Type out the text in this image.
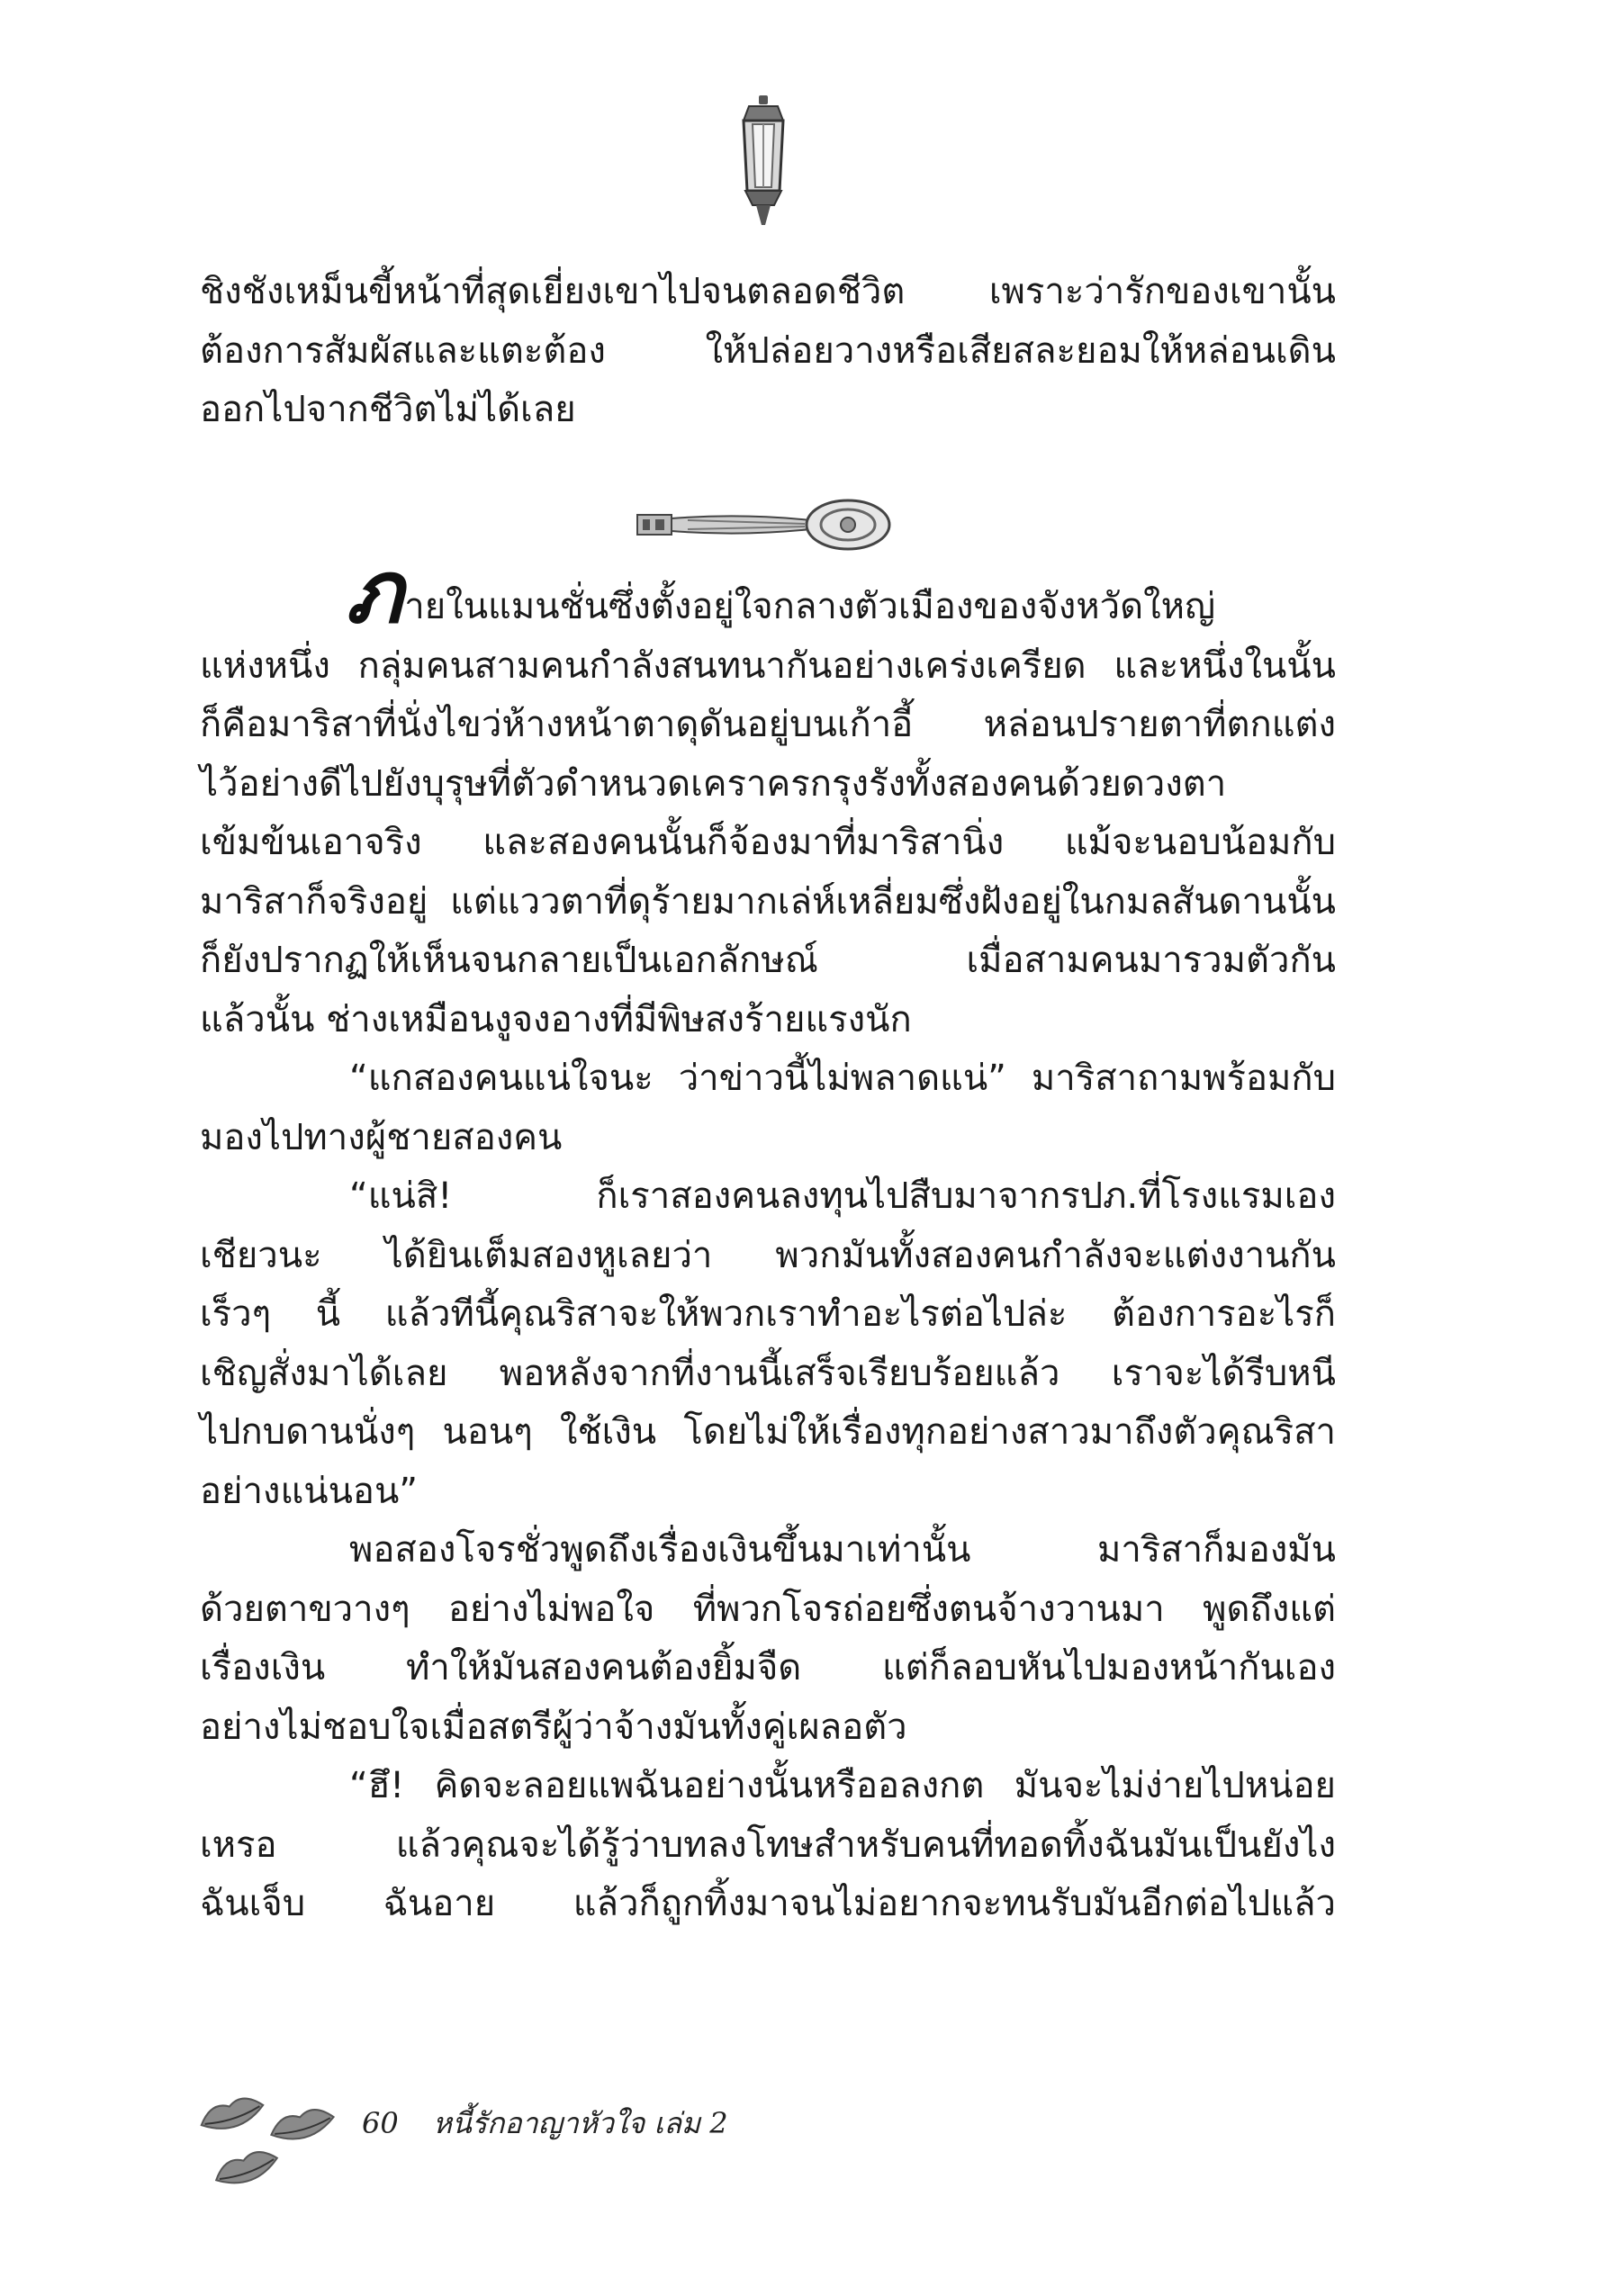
ชิงชังเหม็นขี้หน้าที่สุดเยี่ยงเขาไปจนตลอดชีวิต เพราะว่ารักของเขานั้น
ต้องการสัมผัสและแตะต้อง ให้ปล่อยวางหรือเสียสละยอมให้หล่อนเดิน

ออกไปจากชีวิตไม่ได้เลย

ภายในแมนชั่นซึ่งตั้งอยู่ใจกลางตัวเมืองของจังหวัดใหญ่
แห่งหนึ่ง กลุ่มคนสามคนกำลังสนทนากันอย่างเคร่งเครียด และหนึ่งในนั้น
ก็คือมาริสาที่นั่งไขว่ห้างหน้าตาดุดันอยู่บนเก้าอี้ หล่อนปรายตาที่ตกแต่ง
ไว้อย่างดีไปยังบุรุษที่ตัวดำหนวดเคราครกรุงรังทั้งสองคนด้วยดวงตา
เข้มข้นเอาจริง และสองคนนั้นก็จ้องมาที่มาริสานิ่ง แม้จะนอบน้อมกับ
มาริสาก็จริงอยู่ แต่แววตาที่ดุร้ายมากเล่ห์เหลี่ยมซึ่งฝังอยู่ในกมลสันดานนั้น
ก็ยังปรากฏให้เห็นจนกลายเป็นเอกลักษณ์ เมื่อสามคนมารวมตัวกัน

แล้วนั้น ช่างเหมือนงูจงอางที่มีพิษสงร้ายแรงนัก

“แกสองคนแน่ใจนะ ว่าข่าวนี้ไม่พลาดแน่” มาริสาถามพร้อมกับ

มองไปทางผู้ชายสองคน

“แน่สิ! ก็เราสองคนลงทุนไปสืบมาจากรปภ.ที่โรงแรมเอง
เชียวนะ ได้ยินเต็มสองหูเลยว่า พวกมันทั้งสองคนกำลังจะแต่งงานกัน
เร็วๆ นี้ แล้วทีนี้คุณริสาจะให้พวกเราทำอะไรต่อไปล่ะ ต้องการอะไรก็
เชิญสั่งมาได้เลย พอหลังจากที่งานนี้เสร็จเรียบร้อยแล้ว เราจะได้รีบหนี
ไปกบดานนั่งๆ นอนๆ ใช้เงิน โดยไม่ให้เรื่องทุกอย่างสาวมาถึงตัวคุณริสา

อย่างแน่นอน”

พอสองโจรชั่วพูดถึงเรื่องเงินขึ้นมาเท่านั้น มาริสาก็มองมัน
ด้วยตาขวางๆ อย่างไม่พอใจ ที่พวกโจรถ่อยซึ่งตนจ้างวานมา พูดถึงแต่
เรื่องเงิน ทำให้มันสองคนต้องยิ้มจืด แต่ก็ลอบหันไปมองหน้ากันเอง

อย่างไม่ชอบใจเมื่อสตรีผู้ว่าจ้างมันทั้งคู่เผลอตัว

“ฮึ! คิดจะลอยแพฉันอย่างนั้นหรืออลงกต มันจะไม่ง่ายไปหน่อย
เหรอ แล้วคุณจะได้รู้ว่าบทลงโทษสำหรับคนที่ทอดทิ้งฉันมันเป็นยังไง
ฉันเจ็บ ฉันอาย แล้วก็ถูกทิ้งมาจนไม่อยากจะทนรับมันอีกต่อไปแล้ว

60 หนี้รักอาญาหัวใจ เล่ม 2
